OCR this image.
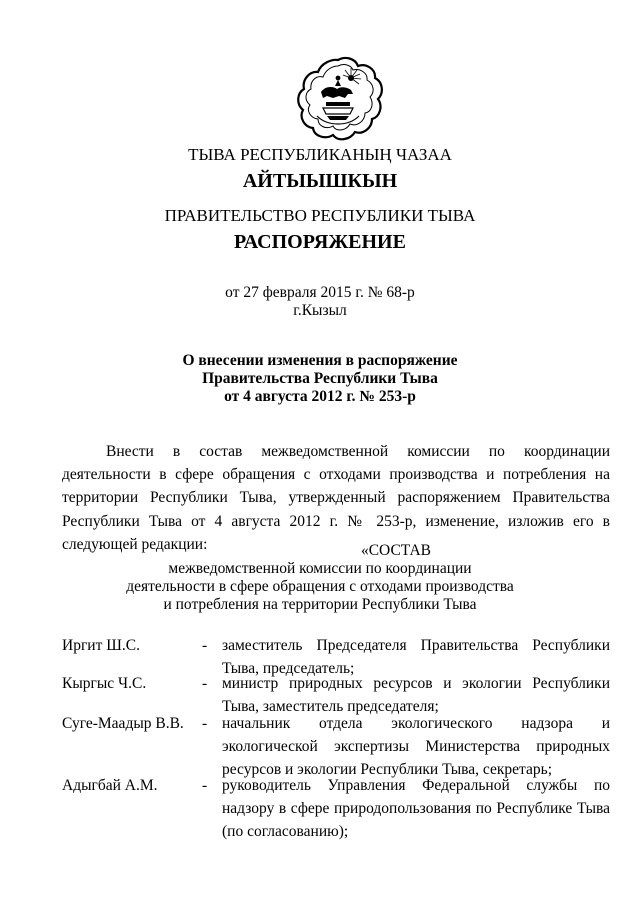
ТЫВА РЕСПУБЛИКАНЫҢ ЧАЗАА
АЙТЫЫШКЫН
ПРАВИТЕЛЬСТВО РЕСПУБЛИКИ ТЫВА
РАСПОРЯЖЕНИЕ
от 27 февраля 2015 г. № 68-р
г.Кызыл
О внесении изменения в распоряжение
Правительства Республики Тыва
от 4 августа 2012 г. № 253-р

Внести в состав межведомственной комиссии по координации деятельности в сфере обращения с отходами производства и потребления на территории Республики Тыва, утвержденный распоряжением Правительства Республики Тыва от 4 августа 2012 г. № 253-р, изменение, изложив его в следующей редакции:	«СОСТАВ
межведомственной комиссии по координации
деятельности в сфере обращения с отходами производства
и потребления на территории Республики Тыва
Иргит Ш.С.	- заместитель Председателя Правительства Республики Тыва, председатель;
Кыргыс Ч.С.	- министр природных ресурсов и экологии Республики Тыва, заместитель председателя;
Суге-Маадыр В.В. - начальник отдела экологического надзора и экологической экспертизы Министерства природных ресурсов и экологии Республики Тыва, секретарь;
Адыгбай А.М.	- руководитель Управления Федеральной службы по надзору в сфере природопользования по Республике Тыва (по согласованию);
